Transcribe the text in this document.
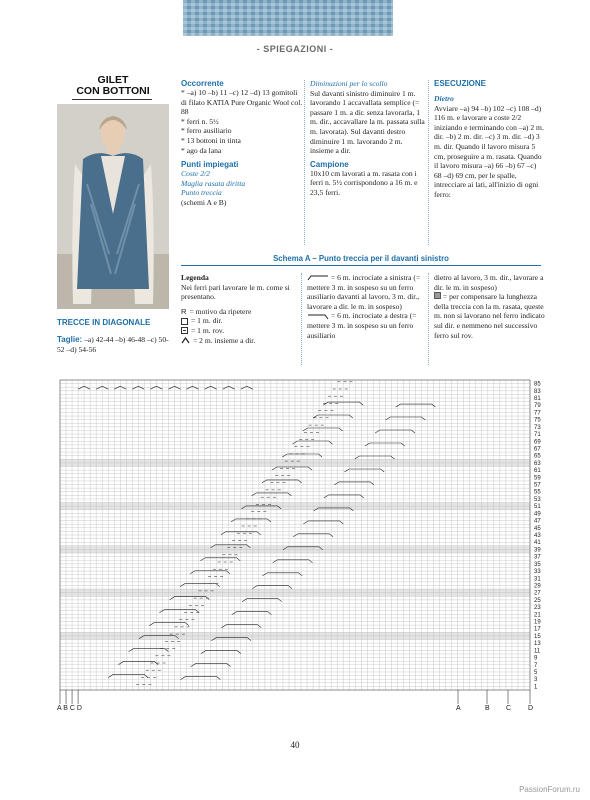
- SPIEGAZIONI -
GILET
CON BOTTONI
Occorrente
* –a) 10 –b) 11 –c) 12 –d) 13 gomitoli di filato KATIA Pure Organic Wool col. 88
* ferri n. 5½
* ferro ausiliario
* 13 bottoni in tinta
* ago da lana
Punti impiegati
Coste 2/2
Maglia rasata diritta
Punto treccia
(schemi A e B)
Diminuzioni per lo scollo
Sul davanti sinistro diminuire 1 m. lavorando 1 accavallata semplice (= passare 1 m. a dir. senza lavorarla, 1 m. dir., accavallare la m. passata sulla m. lavorata). Sul davanti destro diminuire 1 m. lavorando 2 m. insieme a dir.
Campione
10x10 cm lavorati a m. rasata con i ferri n. 5½ corrispondono a 16 m. e 23,5 ferri.
ESECUZIONE
Dietro
Avviare –a) 94 –b) 102 –c) 108 –d) 116 m. e lavorare a coste 2/2 iniziando e terminando con –a) 2 m. dir. –b) 2 m. dir. –c) 3 m. dir. –d) 3 m. dir. Quando il lavoro misura 5 cm, proseguire a m. rasata. Quando il lavoro misura –a) 66 –b) 67 –c) 68 –d) 69 cm, per le spalle, intrecciare ai lati, all'inizio di ogni ferro:
TRECCE IN DIAGONALE
Taglie: –a) 42-44 –b) 46-48 –c) 50-52 –d) 54-56
Schema A – Punto treccia per il davanti sinistro
Legenda
Nei ferri pari lavorare le m. come si presentano.
R = motivo da ripetere
= 1 m. dir.
= 1 m. rov.
= 2 m. insieme a dir.
= 6 m. incrociate a sinistra (= mettere 3 m. in sospeso su un ferro ausiliario davanti al lavoro, 3 m. dir., lavorare a dir. le m. in sospeso)
= 6 m. incrociate a destra (= mettere 3 m. in sospeso su un ferro ausiliario
dietro al lavoro, 3 m. dir., lavorare a dir. le m. in sospeso)
= per compensare la lunghezza della treccia con la m. rasata, queste m. non si lavorano nel ferro indicato sul dir. e nemmeno nel successivo ferro sul rov.
85
83
81
79
77
75
73
71
69
67
65
63
61
59
57
55
53
51
49
47
45
43
41
39
37
35
33
31
29
27
25
23
21
19
17
15
13
11
9
7
5
3
1
A B C D	A	B C D
40
PassionForum.ru
